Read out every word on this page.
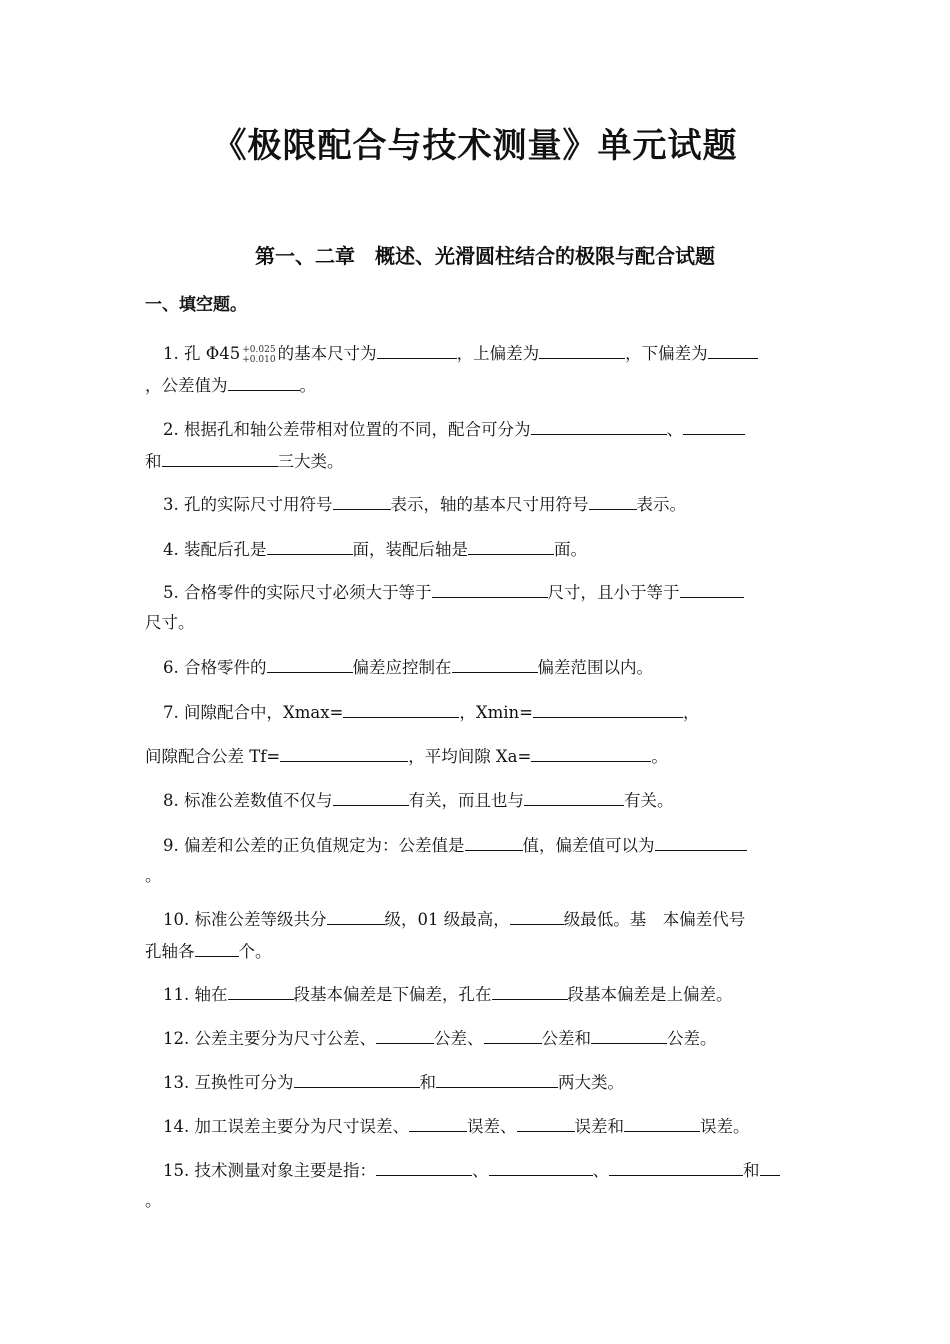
《极限配合与技术测量》单元试题
第一、二章　概述、光滑圆柱结合的极限与配合试题
一、填空题。
1. 孔 Φ45 +0.025
+0.010 的基本尺寸为	，上偏差为	，下偏差为
，公差值为	。
2. 根据孔和轴公差带相对位置的不同，配合可分为	、
和	三大类。
3. 孔的实际尺寸用符号	表示，轴的基本尺寸用符号	表示。
4. 装配后孔是	面，装配后轴是	面。
5. 合格零件的实际尺寸必须大于等于	尺寸，且小于等于
尺寸。
6. 合格零件的	偏差应控制在	偏差范围以内。
7. 间隙配合中，Xmax=	，Xmin=	，
间隙配合公差 Tf=	，平均间隙 Xa=	。
8. 标准公差数值不仅与	有关，而且也与	有关。
9. 偏差和公差的正负值规定为：公差值是	值，偏差值可以为
。
10. 标准公差等级共分	级，01 级最高，	级最低。基　本偏差代号
孔轴各	个。
11. 轴在	段基本偏差是下偏差，孔在	段基本偏差是上偏差。
12. 公差主要分为尺寸公差、	公差、	公差和	公差。
13. 互换性可分为	和	两大类。
14. 加工误差主要分为尺寸误差、	误差、	误差和	误差。
15. 技术测量对象主要是指：	、	、	和
。
